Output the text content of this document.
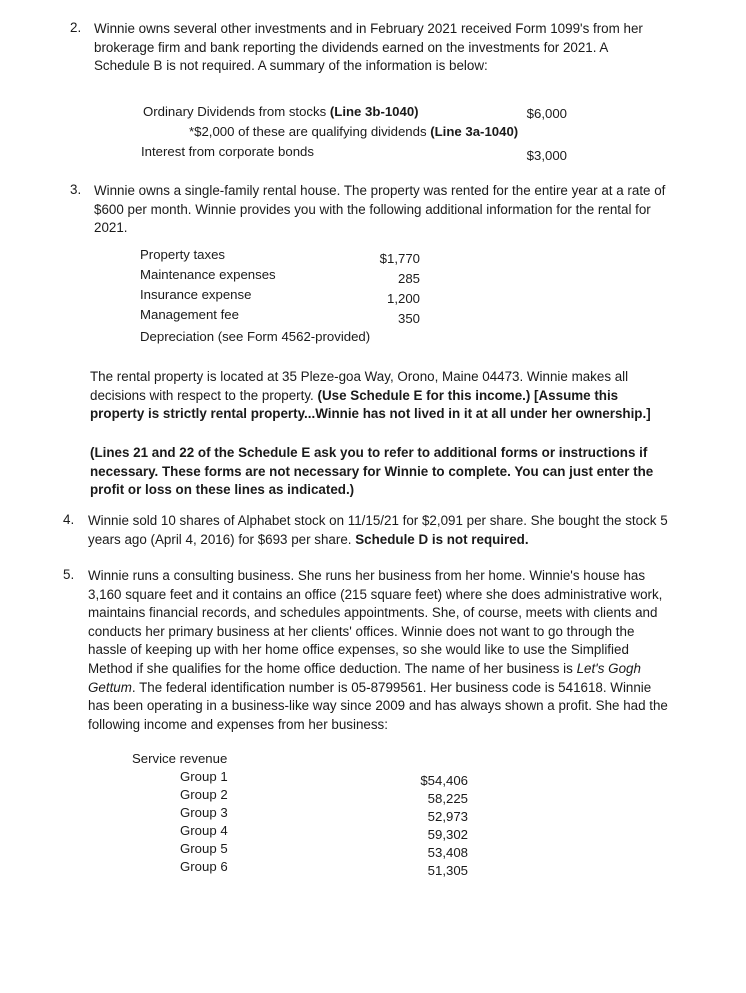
2. Winnie owns several other investments and in February 2021 received Form 1099's from her brokerage firm and bank reporting the dividends earned on the investments for 2021. A Schedule B is not required. A summary of the information is below:
Ordinary Dividends from stocks (Line 3b-1040)	$6,000
*$2,000 of these are qualifying dividends (Line 3a-1040)
Interest from corporate bonds	$3,000
3. Winnie owns a single-family rental house. The property was rented for the entire year at a rate of $600 per month. Winnie provides you with the following additional information for the rental for 2021.
Property taxes	$1,770
Maintenance expenses	285
Insurance expense	1,200
Management fee	350
Depreciation (see Form 4562-provided)
The rental property is located at 35 Pleze-goa Way, Orono, Maine 04473. Winnie makes all decisions with respect to the property. (Use Schedule E for this income.) [Assume this property is strictly rental property...Winnie has not lived in it at all under her ownership.]
(Lines 21 and 22 of the Schedule E ask you to refer to additional forms or instructions if necessary. These forms are not necessary for Winnie to complete. You can just enter the profit or loss on these lines as indicated.)
4. Winnie sold 10 shares of Alphabet stock on 11/15/21 for $2,091 per share. She bought the stock 5 years ago (April 4, 2016) for $693 per share. Schedule D is not required.
5. Winnie runs a consulting business. She runs her business from her home. Winnie's house has 3,160 square feet and it contains an office (215 square feet) where she does administrative work, maintains financial records, and schedules appointments. She, of course, meets with clients and conducts her primary business at her clients' offices. Winnie does not want to go through the hassle of keeping up with her home office expenses, so she would like to use the Simplified Method if she qualifies for the home office deduction. The name of her business is Let's Gogh Gettum. The federal identification number is 05-8799561. Her business code is 541618. Winnie has been operating in a business-like way since 2009 and has always shown a profit. She had the following income and expenses from her business:
Service revenue
Group 1	$54,406
Group 2	58,225
Group 3	52,973
Group 4	59,302
Group 5	53,408
Group 6	51,305
